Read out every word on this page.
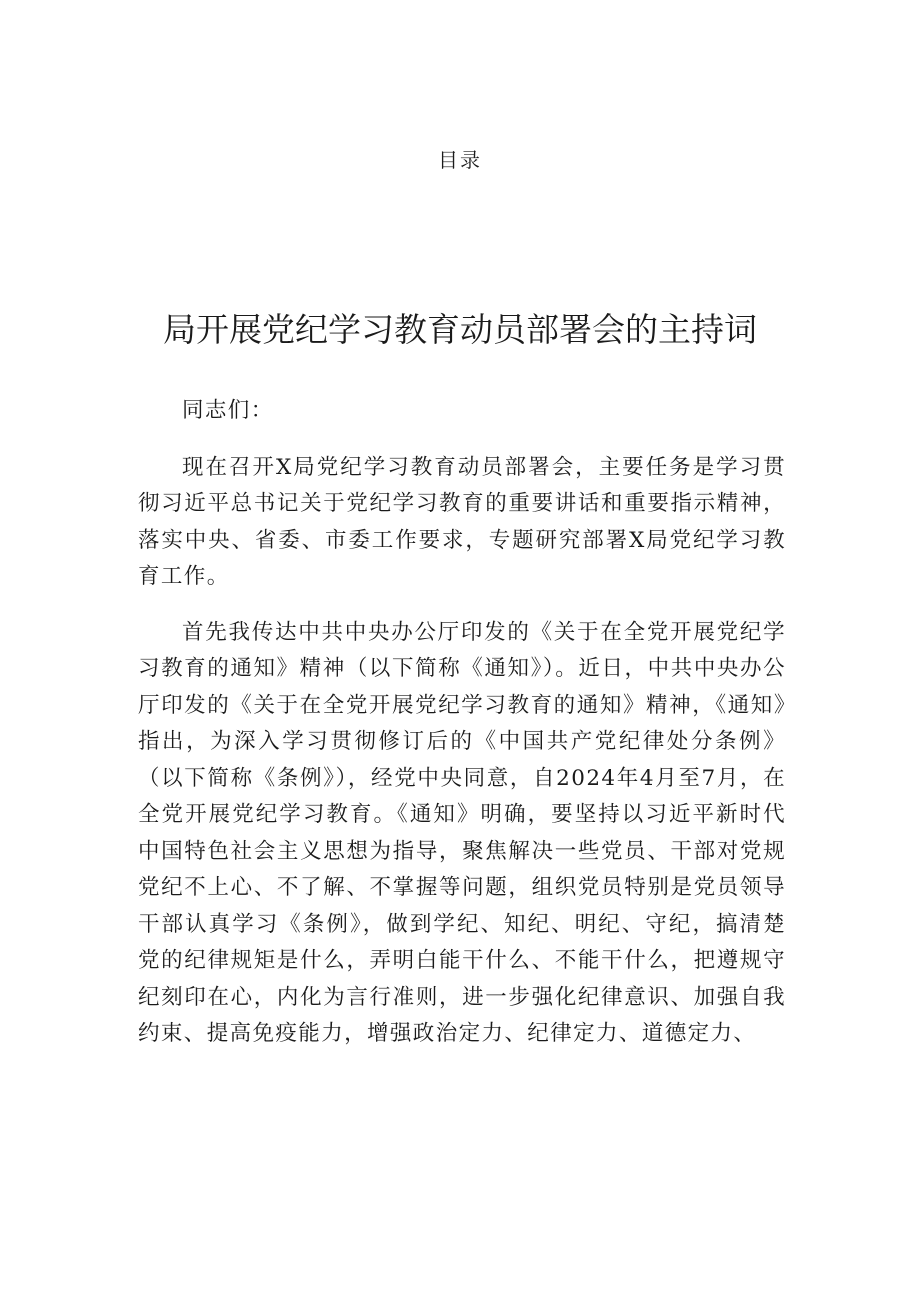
目录
局开展党纪学习教育动员部署会的主持词

同志们：

现在召开X局党纪学习教育动员部署会，主要任务是学习贯彻习近平总书记关于党纪学习教育的重要讲话和重要指示精神，落实中央、省委、市委工作要求，专题研究部署X局党纪学习教育工作。

首先我传达中共中央办公厅印发的《关于在全党开展党纪学习教育的通知》精神（以下简称《通知》）。近日，中共中央办公厅印发的《关于在全党开展党纪学习教育的通知》精神，《通知》指出，为深入学习贯彻修订后的《中国共产党纪律处分条例》（以下简称《条例》），经党中央同意，自2024年4月至7月，在全党开展党纪学习教育。《通知》明确，要坚持以习近平新时代中国特色社会主义思想为指导，聚焦解决一些党员、干部对党规党纪不上心、不了解、不掌握等问题，组织党员特别是党员领导干部认真学习《条例》，做到学纪、知纪、明纪、守纪，搞清楚党的纪律规矩是什么，弄明白能干什么、不能干什么，把遵规守纪刻印在心，内化为言行准则，进一步强化纪律意识、加强自我约束、提高免疫能力，增强政治定力、纪律定力、道德定力、
